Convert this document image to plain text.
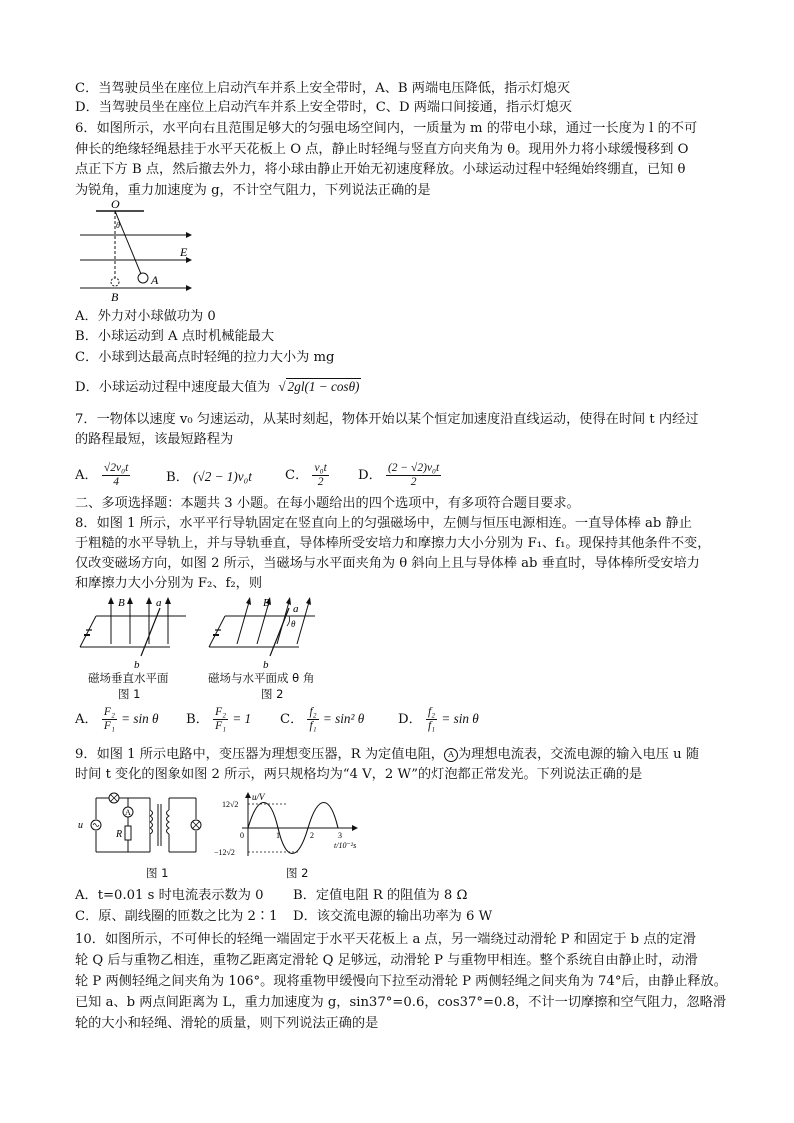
C．当驾驶员坐在座位上启动汽车并系上安全带时，A、B 两端电压降低，指示灯熄灭
D．当驾驶员坐在座位上启动汽车并系上安全带时，C、D 两端口间接通，指示灯熄灭
6．如图所示，水平向右且范围足够大的匀强电场空间内，一质量为 m 的带电小球，通过一长度为 l 的不可
伸长的绝缘轻绳悬挂于水平天花板上 O 点，静止时轻绳与竖直方向夹角为 θ。现用外力将小球缓慢移到 O
点正下方 B 点，然后撤去外力，将小球由静止开始无初速度释放。小球运动过程中轻绳始终绷直，已知 θ
为锐角，重力加速度为 g，不计空气阻力，下列说法正确的是
O
θ
E
A
B
A．外力对小球做功为 0
B．小球运动到 A 点时机械能最大
C．小球到达最高点时轻绳的拉力大小为 mg
D．小球运动过程中速度最大值为 √ 2gl(1 − cosθ)
7．一物体以速度 v₀ 匀速运动，从某时刻起，物体开始以某个恒定加速度沿直线运动，使得在时间 t 内经过
的路程最短，该最短路程为
A． $\frac{\text{√2v₀t}}{4}$	B． (√2 − 1)v₀t	C． $\frac{\text{v₀t}}{2}$ D． $\frac{\text{(2 − √2)v₀t}}{2}$
二、多项选择题：本题共 3 小题。在每小题给出的四个选项中，有多项符合题目要求。
8．如图 1 所示，水平平行导轨固定在竖直向上的匀强磁场中，左侧与恒压电源相连。一直导体棒 ab 静止
于粗糙的水平导轨上，并与导轨垂直，导体棒所受安培力和摩擦力大小分别为 F₁、f₁。现保持其他条件不变，
仅改变磁场方向，如图 2 所示，当磁场与水平面夹角为 θ 斜向上且与导体棒 ab 垂直时，导体棒所受安培力
和摩擦力大小分别为 F₂、f₂，则
B	a
b
磁场垂直水平面
图 1
θ
B a
b
磁场与水平面成 θ 角
图 2
A． $\frac{\text{F₂}}{\text{F₁}} = \sin \theta$ B． $\frac{\text{F₂}}{\text{F₁}} = 1$ C． $\frac{\text{f₂}}{\text{f₁}} = \sin^2$ θ	D． $\frac{\text{f₂}}{\text{f₁}} = \sin \theta$
9．如图 1 所示电路中，变压器为理想变压器，R 为定值电阻， A 为理想电流表，交流电源的输入电压 u 随
时间 t 变化的图象如图 2 所示，两只规格均为“4 V，2 W”的灯泡都正常发光。下列说法正确的是
A
u
R
图 1
u/V
12√2
−12√2
0	1	2	3
t/10⁻²s
图 2
A．t=0.01 s 时电流表示数为 0 B．定值电阻 R 的阻值为 8 Ω
C．原、副线圈的匝数之比为 2∶1 D．该交流电源的输出功率为 6 W
10．如图所示，不可伸长的轻绳一端固定于水平天花板上 a 点，另一端绕过动滑轮 P 和固定于 b 点的定滑
轮 Q 后与重物乙相连，重物乙距离定滑轮 Q 足够远，动滑轮 P 与重物甲相连。整个系统自由静止时，动滑
轮 P 两侧轻绳之间夹角为 106°。现将重物甲缓慢向下拉至动滑轮 P 两侧轻绳之间夹角为 74°后，由静止释放。
已知 a、b 两点间距离为 L，重力加速度为 g，sin37°=0.6，cos37°=0.8，不计一切摩擦和空气阻力，忽略滑
轮的大小和轻绳、滑轮的质量，则下列说法正确的是
